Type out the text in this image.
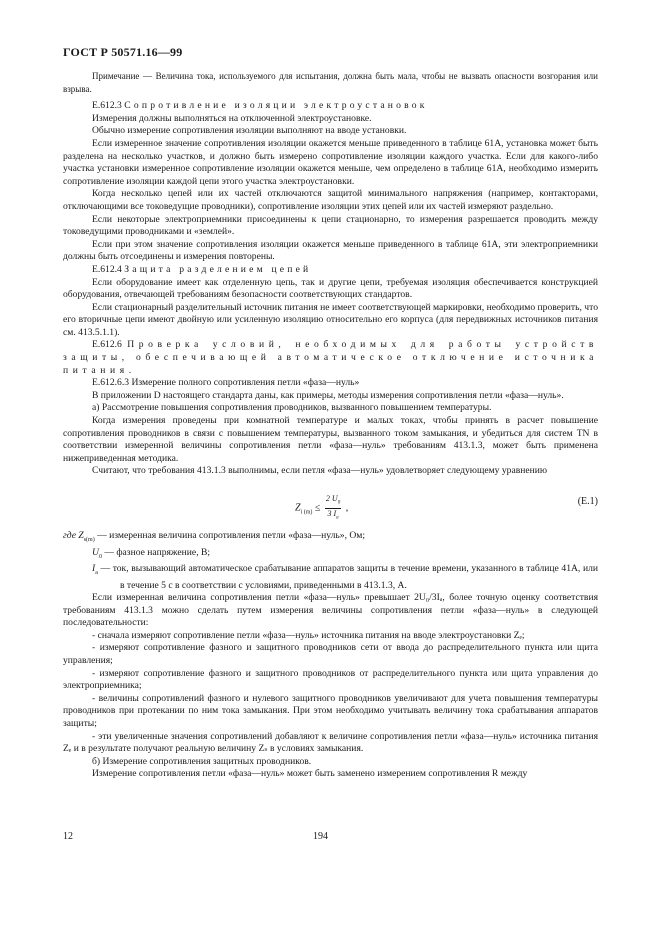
ГОСТ Р 50571.16—99

Примечание — Величина тока, используемого для испытания, должна быть мала, чтобы не вызвать опасности возгорания или взрыва.

Е.612.3 Сопротивление изоляции электроустановок

Измерения должны выполняться на отключенной электроустановке.

Обычно измерение сопротивления изоляции выполняют на вводе установки.

Если измеренное значение сопротивления изоляции окажется меньше приведенного в таблице 61А, установка может быть разделена на несколько участков, и должно быть измерено сопротивление изоляции каждого участка. Если для какого-либо участка установки измеренное сопротивление изоляции окажется меньше, чем определено в таблице 61А, необходимо измерить сопротивление изоляции каждой цепи этого участка электроустановки.

Когда несколько цепей или их частей отключаются защитой минимального напряжения (например, контакторами, отключающими все токоведущие проводники), сопротивление изоляции этих цепей или их частей измеряют раздельно.

Если некоторые электроприемники присоединены к цепи стационарно, то измерения разрешается проводить между токоведущими проводниками и «землей».

Если при этом значение сопротивления изоляции окажется меньше приведенного в таблице 61А, эти электроприемники должны быть отсоединены и измерения повторены.

Е.612.4 Защита разделением цепей

Если оборудование имеет как отделенную цепь, так и другие цепи, требуемая изоляция обеспечивается конструкцией оборудования, отвечающей требованиям безопасности соответствующих стандартов.

Если стационарный разделительный источник питания не имеет соответствующей маркировки, необходимо проверить, что его вторичные цепи имеют двойную или усиленную изоляцию относительно его корпуса (для передвижных источников питания см. 413.5.1.1).

Е.612.6 Проверка условий, необходимых для работы устройств защиты, обеспечивающей автоматическое отключение источника питания.

Е.612.6.3 Измерение полного сопротивления петли «фаза—нуль»

В приложении D настоящего стандарта даны, как примеры, методы измерения сопротивления петли «фаза—нуль».

а) Рассмотрение повышения сопротивления проводников, вызванного повышением температуры.

Когда измерения проведены при комнатной температуре и малых токах, чтобы принять в расчет повышение сопротивления проводников в связи с повышением температуры, вызванного током замыкания, и убедиться для систем TN в соответствии измеренной величины сопротивления петли «фаза—нуль» требованиям 413.1.3, может быть применена нижеприведенная методика.

Считают, что требования 413.1.3 выполнимы, если петля «фаза—нуль» удовлетворяет следующему уравнению

$Z_{i (m)} \le \frac{2 U_0}{3 I_a}$ ,
(Е.1)

где $Z_{s(m)}$ — измеренная величина сопротивления петли «фаза—нуль», Ом;

$U_0$ — фазное напряжение, В;

$I_a$ — ток, вызывающий автоматическое срабатывание аппаратов защиты в течение времени, указанного в таблице 41А, или в течение 5 с в соответствии с условиями, приведенными в 413.1.3, А.

Если измеренная величина сопротивления петли «фаза—нуль» превышает 2U₀/3Iₐ, более точную оценку соответствия требованиям 413.1.3 можно сделать путем измерения величины сопротивления петли «фаза—нуль» в следующей последовательности:

- сначала измеряют сопротивление петли «фаза—нуль» источника питания на вводе электроустановки Zₑ;

- измеряют сопротивление фазного и защитного проводников сети от ввода до распределительного пункта или щита управления;

- измеряют сопротивление фазного и защитного проводников от распределительного пункта или щита управления до электроприемника;

- величины сопротивлений фазного и нулевого защитного проводников увеличивают для учета повышения температуры проводников при протекании по ним тока замыкания. При этом необходимо учитывать величину тока срабатывания аппаратов защиты;

- эти увеличенные значения сопротивлений добавляют к величине сопротивления петли «фаза—нуль» источника питания Zₑ и в результате получают реальную величину Zₛ в условиях замыкания.

б) Измерение сопротивления защитных проводников.

Измерение сопротивления петли «фаза—нуль» может быть заменено измерением сопротивления R между

12	194
